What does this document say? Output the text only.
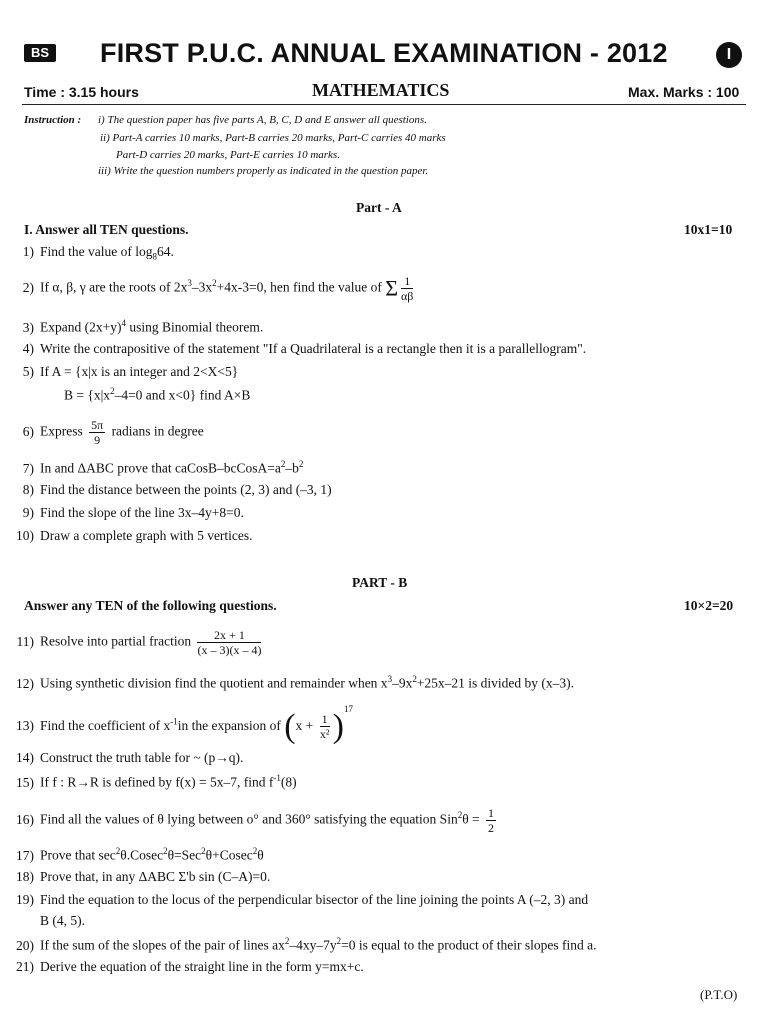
BS FIRST P.U.C. ANNUAL EXAMINATION - 2012	I
Time : 3.15 hours	MATHEMATICS	Max. Marks : 100
Instruction : i) The question paper has five parts A, B, C, D and E answer all questions.
ii) Part-A carries 10 marks, Part-B carries 20 marks, Part-C carries 40 marks
Part-D carries 20 marks, Part-E carries 10 marks.
iii) Write the question numbers properly as indicated in the question paper.
Part - A
I. Answer all TEN questions.	10x1=10
1) Find the value of $\log_864$.
2) If α, β, γ are the roots of $2x^3-3x^2+4x-3=0$, hen find the value of Σ $\frac{1}{\alpha\beta}$
3) Expand $(2x+y)^4$ using Binomial theorem.
4) Write the contrapositive of the statement "If a Quadrilateral is a rectangle then it is a parallellogram".
5) If A = {x|x is an integer and 2<X<5}
$B = \{x|x^2-4=0$ and x<0} find A×B
6) Express $\frac{5\pi}{9}$ radians in degree
7) In and ΔABC prove that caCosB–$bcCosA=a^2-b^2$
8) Find the distance between the points (2, 3) and (–3, 1)
9) Find the slope of the line 3x–4y+8=0.
10) Draw a complete graph with 5 vertices.
PART - B
Answer any TEN of the following questions.	10×2=20
11) Resolve into partial fraction $\frac{2x + 1}{(x - 3)(x - 4)}$
12) Using synthetic division find the quotient and remainder when $x^3-9x^2+25x-21$ is divided by (x–3).
13) Find the coefficient of $x^{-1}in$ the expansion of $(x + \frac{1}{\text{x²}} )^{17}$
14) Construct the truth table for ~ (p→q).
15) If f : R→R is defined by f(x) = 5x–7, find $f^{-1}(8)$
16) Find all the values of θ lying between o° and 360° satisfying the equation $Sin^2\theta = \frac{1}{2}$
17) Prove that $\sec^2\theta.Cosec^2\theta=Sec^2\theta+Cosec^2\theta$
18) Prove that, in any ΔABC Σ'b sin (C–A)=0.
19) Find the equation to the locus of the perpendicular bisector of the line joining the points A (–2, 3) and
B (4, 5).
20) If the sum of the slopes of the pair of lines $ax^2-4xy-7y^2=0$ is equal to the product of their slopes find a.
21) Derive the equation of the straight line in the form y=mx+c.
(P.T.O)
